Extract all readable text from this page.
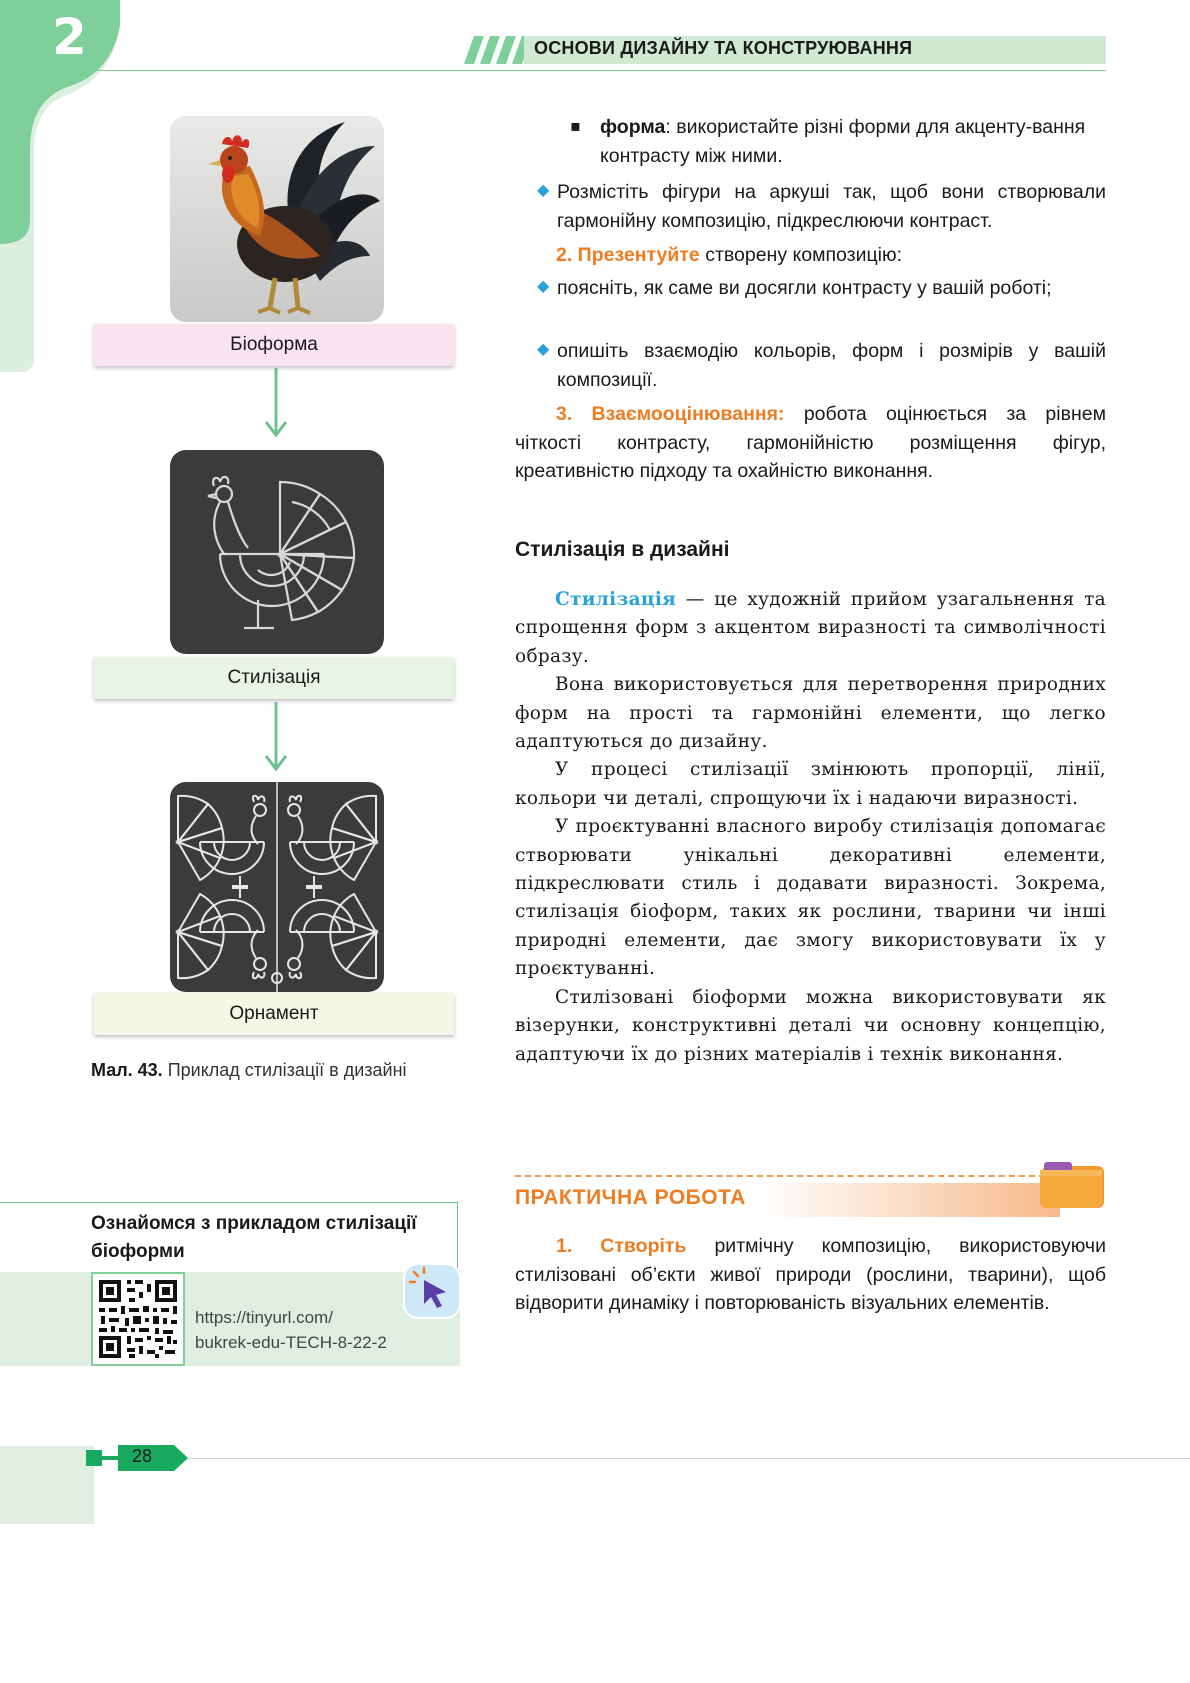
2	ОСНОВИ ДИЗАЙНУ ТА КОНСТРУЮВАННЯ
Біоформа
Стилізація
Орнамент
Мал. 43. Приклад стилізації в дизайні
Ознайомся з прикладом стилізації біоформи
https://tinyurl.com/
bukrek-edu-TECH-8-22-2
▪ форма: використайте різні форми для акценту-вання контрасту між ними.
◆ Розмістіть фігури на аркуші так, щоб вони створювали гармонійну композицію, підкреслюючи контраст.
2. Презентуйте створену композицію:
◆ поясніть, як саме ви досягли контрасту у вашій роботі;
◆ опишіть взаємодію кольорів, форм і розмірів у вашій композиції.
3. Взаємооцінювання: робота оцінюється за рівнем чіткості контрасту, гармонійністю розміщення фігур, креативністю підходу та охайністю виконання.
Стилізація в дизайні

Стилізація — це художній прийом узагальнення та спрощення форм з акцентом виразності та символічності образу.

Вона використовується для перетворення природних форм на прості та гармонійні елементи, що легко адаптуються до дизайну.

У процесі стилізації змінюють пропорції, лінії, кольори чи деталі, спрощуючи їх і надаючи виразності.

У проєктуванні власного виробу стилізація допомагає створювати унікальні декоративні елементи, підкреслювати стиль і додавати виразності. Зокрема, стилізація біоформ, таких як рослини, тварини чи інші природні елементи, дає змогу використовувати їх у проєктуванні.

Стилізовані біоформи можна використовувати як візерунки, конструктивні деталі чи основну концепцію, адаптуючи їх до різних матеріалів і технік виконання.

ПРАКТИЧНА РОБОТА
1. Створіть ритмічну композицію, використовуючи стилізовані об’єкти живої природи (рослини, тварини), щоб відворити динаміку і повторюваність візуальних елементів.
28
